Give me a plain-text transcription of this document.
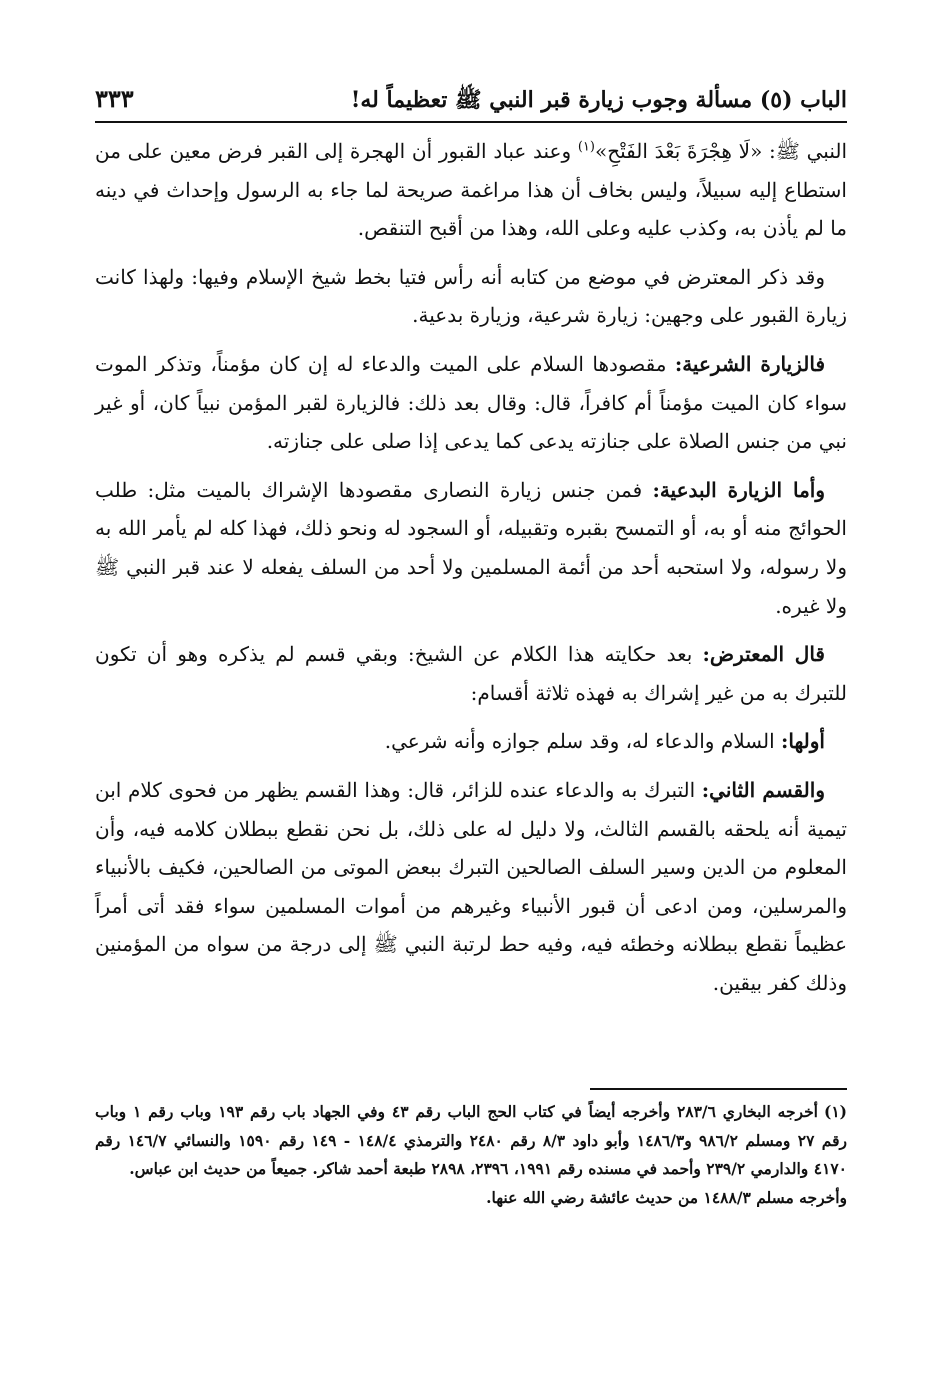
الباب (٥) مسألة وجوب زيارة قبر النبي ﷺ تعظيماً له!
٣٣٣

النبي ﷺ: «لَا هِجْرَةَ بَعْدَ الفَتْحِ»$^{(١)}$ وعند عباد القبور أن الهجرة إلى القبر فرض معين على من استطاع إليه سبيلاً، وليس بخاف أن هذا مراغمة صريحة لما جاء به الرسول وإحداث في دينه ما لم يأذن به، وكذب عليه وعلى الله، وهذا من أقبح التنقص.

وقد ذكر المعترض في موضع من كتابه أنه رأس فتيا بخط شيخ الإسلام وفيها: ولهذا كانت زيارة القبور على وجهين: زيارة شرعية، وزيارة بدعية.

فالزيارة الشرعية: مقصودها السلام على الميت والدعاء له إن كان مؤمناً، وتذكر الموت سواء كان الميت مؤمناً أم كافراً، قال: وقال بعد ذلك: فالزيارة لقبر المؤمن نبياً كان، أو غير نبي من جنس الصلاة على جنازته يدعى كما يدعى إذا صلى على جنازته.

وأما الزيارة البدعية: فمن جنس زيارة النصارى مقصودها الإشراك بالميت مثل: طلب الحوائج منه أو به، أو التمسح بقبره وتقبيله، أو السجود له ونحو ذلك، فهذا كله لم يأمر الله به ولا رسوله، ولا استحبه أحد من أئمة المسلمين ولا أحد من السلف يفعله لا عند قبر النبي ﷺ ولا غيره.

قال المعترض: بعد حكايته هذا الكلام عن الشيخ: وبقي قسم لم يذكره وهو أن تكون للتبرك به من غير إشراك به فهذه ثلاثة أقسام:

أولها: السلام والدعاء له، وقد سلم جوازه وأنه شرعي.

والقسم الثاني: التبرك به والدعاء عنده للزائر، قال: وهذا القسم يظهر من فحوى كلام ابن تيمية أنه يلحقه بالقسم الثالث، ولا دليل له على ذلك، بل نحن نقطع ببطلان كلامه فيه، وأن المعلوم من الدين وسير السلف الصالحين التبرك ببعض الموتى من الصالحين، فكيف بالأنبياء والمرسلين، ومن ادعى أن قبور الأنبياء وغيرهم من أموات المسلمين سواء فقد أتى أمراً عظيماً نقطع ببطلانه وخطئه فيه، وفيه حط لرتبة النبي ﷺ إلى درجة من سواه من المؤمنين وذلك كفر بيقين.

(١)أخرجه البخاري ٢٨٣/٦ وأخرجه أيضاً في كتاب الحج الباب رقم ٤٣ وفي الجهاد باب رقم ١٩٣ وباب رقم ١ وباب رقم ٢٧ ومسلم ٩٨٦/٢ و١٤٨٦/٣ وأبو داود ٨/٣ رقم ٢٤٨٠ والترمذي ١٤٨/٤ - ١٤٩ رقم ١٥٩٠ والنسائي ١٤٦/٧ رقم ٤١٧٠ والدارمي ٢٣٩/٢ وأحمد في مسنده رقم ١٩٩١، ٢٣٩٦، ٢٨٩٨ طبعة أحمد شاكر. جميعاً من حديث ابن عباس.

وأخرجه مسلم ١٤٨٨/٣ من حديث عائشة رضي الله عنها.
